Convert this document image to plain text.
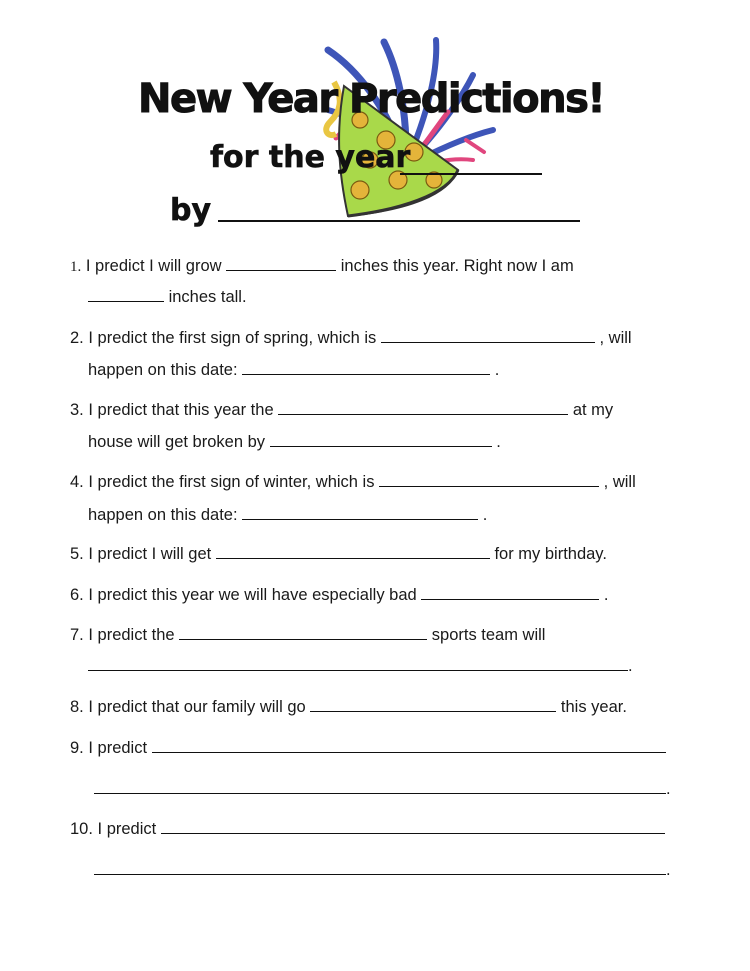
New Year Predictions!
for the year
by

1. I predict I will grow	inches this year. Right now I am

inches tall.

2. I predict the first sign of spring, which is	, will

happen on this date:	.

3. I predict that this year the	at my

house will get broken by	.

4. I predict the first sign of winter, which is	, will

happen on this date:	.

5. I predict I will get	for my birthday.

6. I predict this year we will have especially bad	.

7. I predict the	sports team will

.

8. I predict that our family will go	this year.

9. I predict

.

10. I predict

.
